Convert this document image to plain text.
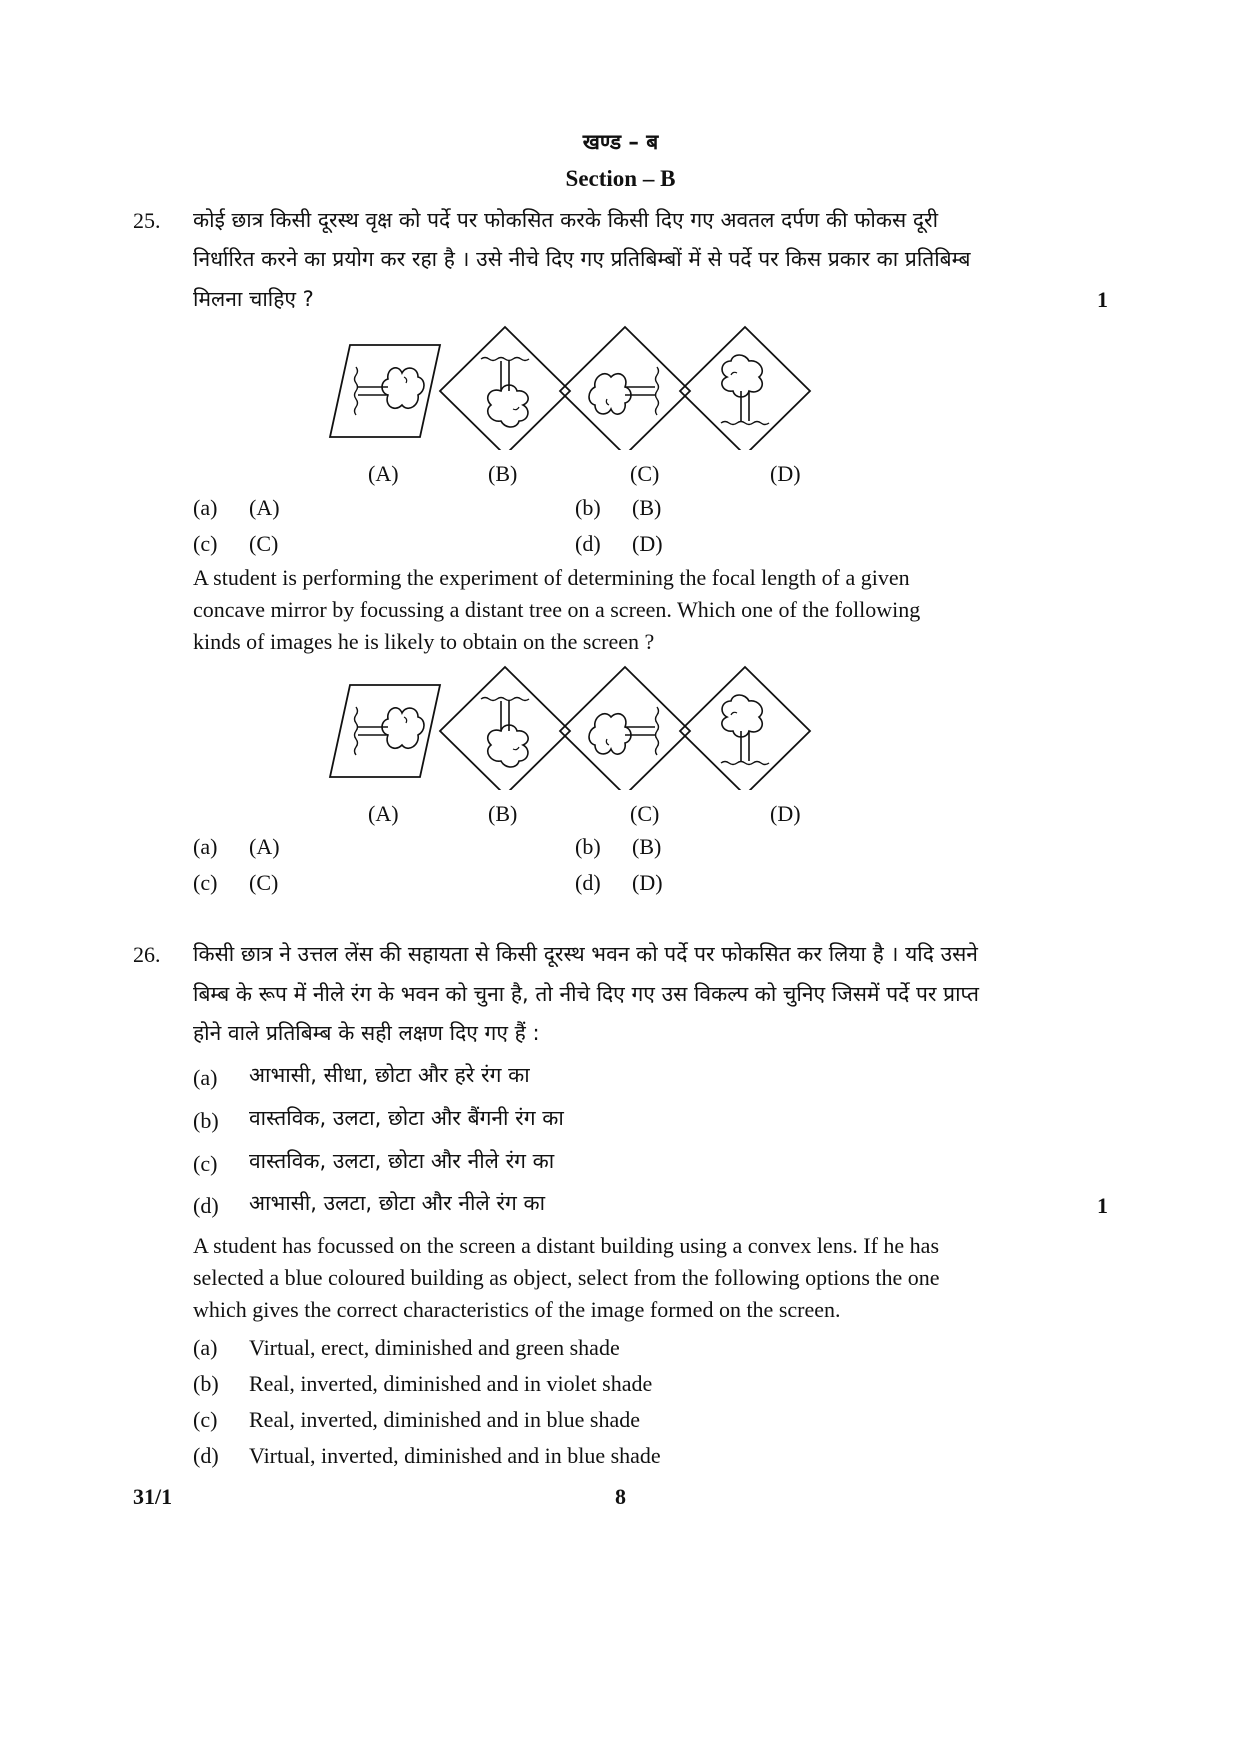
खण्ड – ब
Section – B
25. कोई छात्र किसी दूरस्थ वृक्ष को पर्दे पर फोकसित करके किसी दिए गए अवतल दर्पण की फोकस दूरी
निर्धारित करने का प्रयोग कर रहा है । उसे नीचे दिए गए प्रतिबिम्बों में से पर्दे पर किस प्रकार का प्रतिबिम्ब
मिलना चाहिए ?	1
(A)	(B)	(C)	(D)
(a) (A)	(b) (B)
(c) (C)	(d) (D)
A student is performing the experiment of determining the focal length of a given
concave mirror by focussing a distant tree on a screen. Which one of the following
kinds of images he is likely to obtain on the screen ?
(A)	(B)	(C)	(D)
(a) (A)	(b) (B)
(c) (C)	(d) (D)
26. किसी छात्र ने उत्तल लेंस की सहायता से किसी दूरस्थ भवन को पर्दे पर फोकसित कर लिया है । यदि उसने
बिम्ब के रूप में नीले रंग के भवन को चुना है, तो नीचे दिए गए उस विकल्प को चुनिए जिसमें पर्दे पर प्राप्त
होने वाले प्रतिबिम्ब के सही लक्षण दिए गए हैं :
(a) आभासी, सीधा, छोटा और हरे रंग का
(b) वास्तविक, उलटा, छोटा और बैंगनी रंग का
(c) वास्तविक, उलटा, छोटा और नीले रंग का
(d) आभासी, उलटा, छोटा और नीले रंग का	1
A student has focussed on the screen a distant building using a convex lens. If he has
selected a blue coloured building as object, select from the following options the one
which gives the correct characteristics of the image formed on the screen.
(a) Virtual, erect, diminished and green shade
(b) Real, inverted, diminished and in violet shade
(c) Real, inverted, diminished and in blue shade
(d) Virtual, inverted, diminished and in blue shade
31/1	8
